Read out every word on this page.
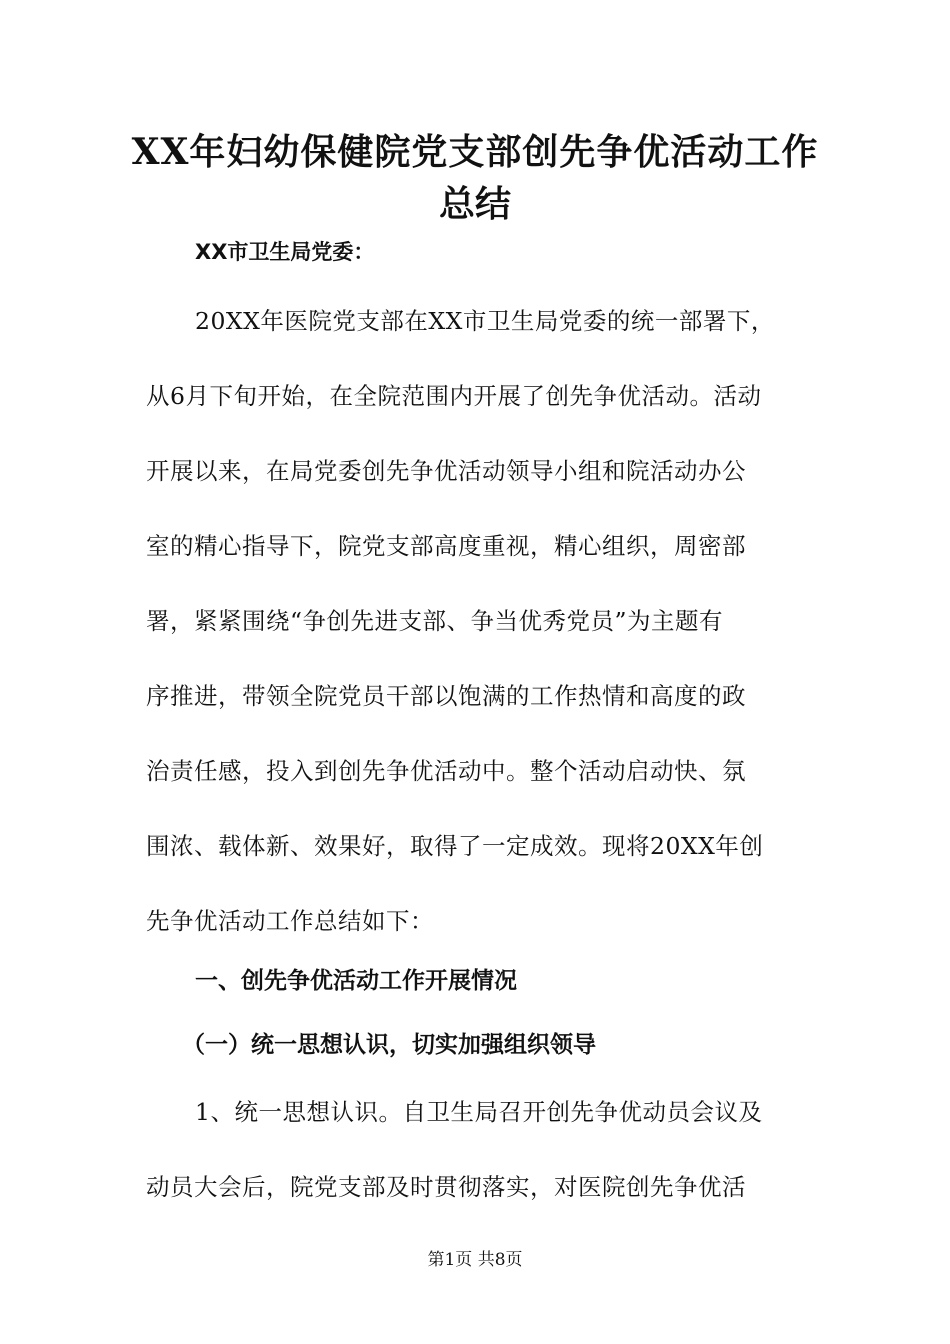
XX年妇幼保健院党支部创先争优活动工作
总结

XX市卫生局党委：

20XX年医院党支部在XX市卫生局党委的统一部署下，

从6月下旬开始，在全院范围内开展了创先争优活动。活动

开展以来，在局党委创先争优活动领导小组和院活动办公

室的精心指导下，院党支部高度重视，精心组织，周密部

署，紧紧围绕“争创先进支部、争当优秀党员”为主题有

序推进，带领全院党员干部以饱满的工作热情和高度的政

治责任感，投入到创先争优活动中。整个活动启动快、氛

围浓、载体新、效果好，取得了一定成效。现将20XX年创

先争优活动工作总结如下：

一、创先争优活动工作开展情况
（一）统一思想认识，切实加强组织领导

1、统一思想认识。自卫生局召开创先争优动员会议及

动员大会后，院党支部及时贯彻落实，对医院创先争优活

第1页 共8页
